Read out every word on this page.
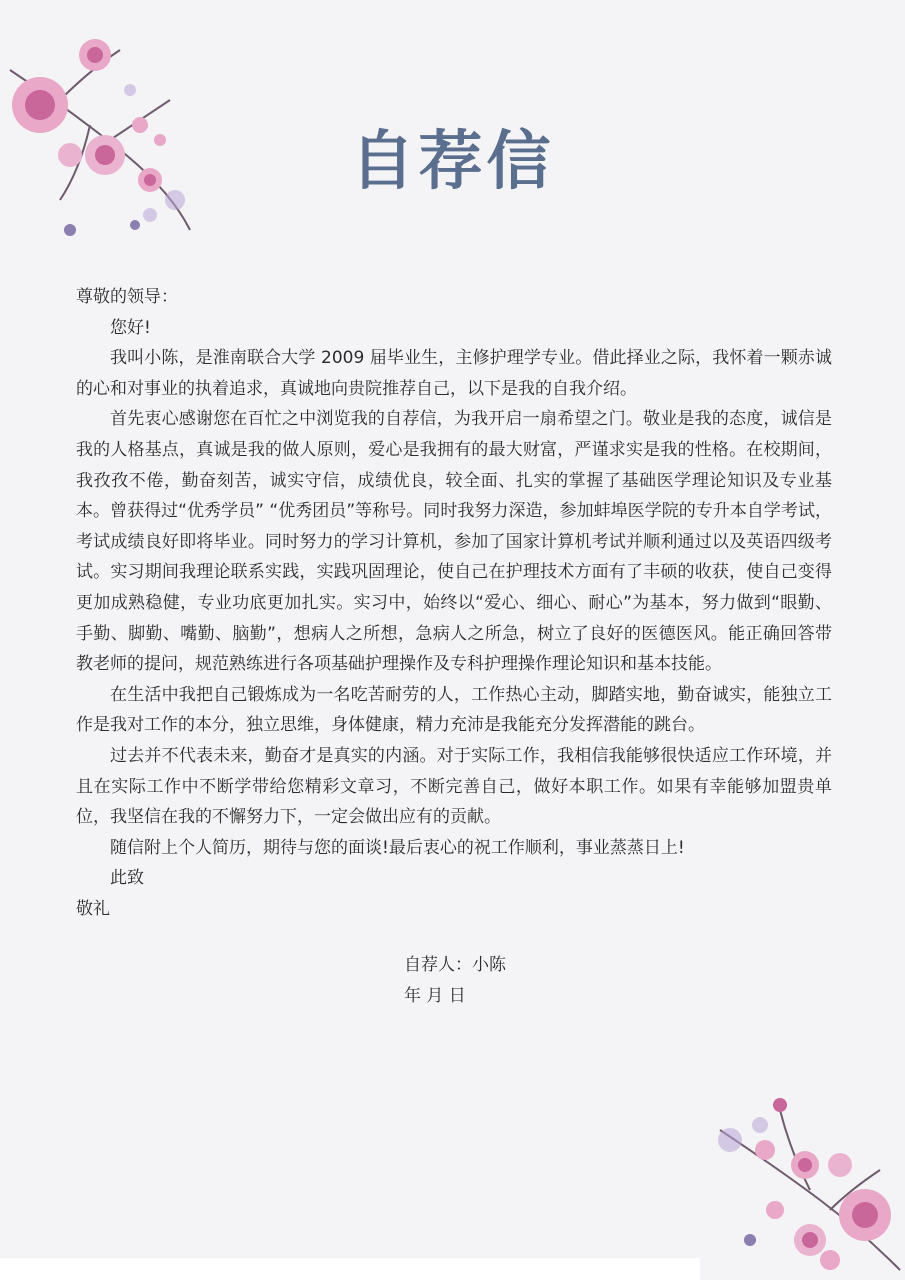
自荐信

尊敬的领导：

您好!

我叫小陈，是淮南联合大学 2009 届毕业生，主修护理学专业。借此择业之际，我怀着一颗赤诚的心和对事业的执着追求，真诚地向贵院推荐自己，以下是我的自我介绍。

首先衷心感谢您在百忙之中浏览我的自荐信，为我开启一扇希望之门。敬业是我的态度，诚信是我的人格基点，真诚是我的做人原则，爱心是我拥有的最大财富，严谨求实是我的性格。在校期间，我孜孜不倦，勤奋刻苦，诚实守信，成绩优良，较全面、扎实的掌握了基础医学理论知识及专业基本。曾获得过“优秀学员” “优秀团员”等称号。同时我努力深造，参加蚌埠医学院的专升本自学考试，考试成绩良好即将毕业。同时努力的学习计算机，参加了国家计算机考试并顺利通过以及英语四级考试。实习期间我理论联系实践，实践巩固理论，使自己在护理技术方面有了丰硕的收获，使自己变得更加成熟稳健，专业功底更加扎实。实习中，始终以“爱心、细心、耐心”为基本，努力做到“眼勤、手勤、脚勤、嘴勤、脑勤”，想病人之所想，急病人之所急，树立了良好的医德医风。能正确回答带教老师的提问，规范熟练进行各项基础护理操作及专科护理操作理论知识和基本技能。

在生活中我把自己锻炼成为一名吃苦耐劳的人，工作热心主动，脚踏实地，勤奋诚实，能独立工作是我对工作的本分，独立思维，身体健康，精力充沛是我能充分发挥潜能的跳台。

过去并不代表未来，勤奋才是真实的内涵。对于实际工作，我相信我能够很快适应工作环境，并且在实际工作中不断学带给您精彩文章习，不断完善自己，做好本职工作。如果有幸能够加盟贵单位，我坚信在我的不懈努力下，一定会做出应有的贡献。

随信附上个人简历，期待与您的面谈!最后衷心的祝工作顺利，事业蒸蒸日上!

此致

敬礼

自荐人：小陈
年 月 日
